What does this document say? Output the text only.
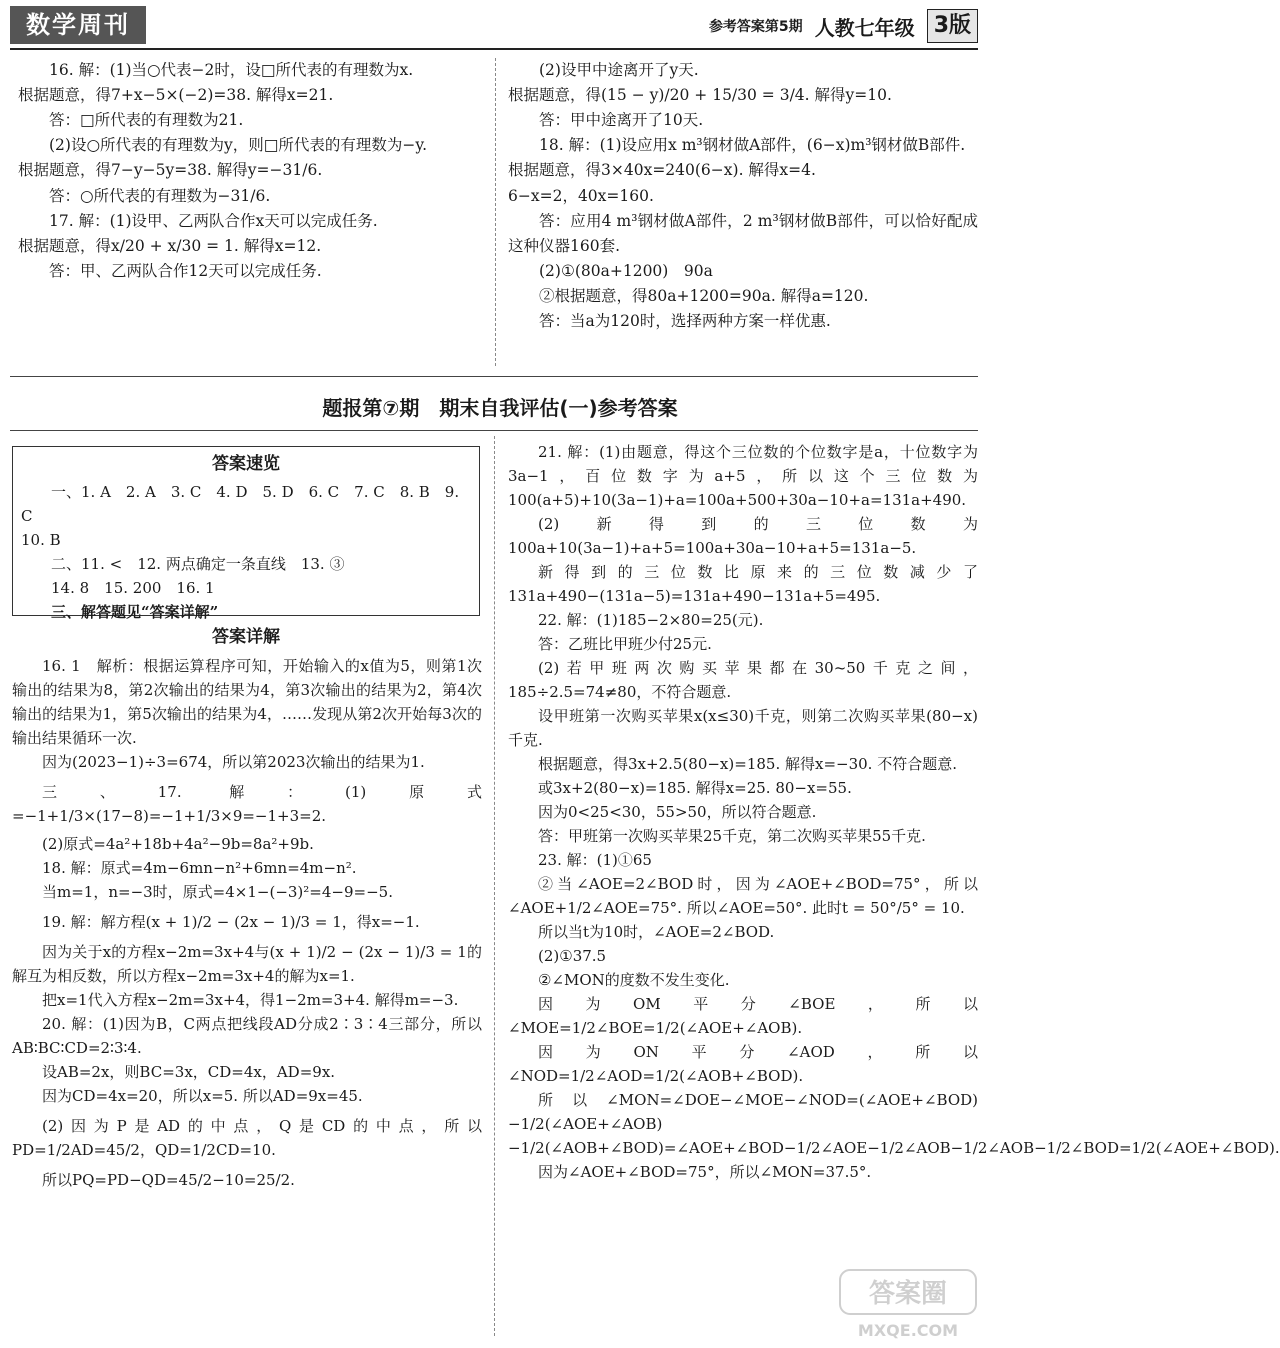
数学周刊	参考答案第5期 人教七年级 3版

16. 解：(1)当○代表−2时，设□所代表的有理数为x.

根据题意，得7+x−5×(−2)=38. 解得x=21.

答：□所代表的有理数为21.

(2)设○所代表的有理数为y，则□所代表的有理数为−y.

根据题意，得7−y−5y=38. 解得y=−31/6.

答：○所代表的有理数为−31/6.

17. 解：(1)设甲、乙两队合作x天可以完成任务.

根据题意，得x/20 + x/30 = 1. 解得x=12.

答：甲、乙两队合作12天可以完成任务.

(2)设甲中途离开了y天.

根据题意，得(15 − y)/20 + 15/30 = 3/4. 解得y=10.

答：甲中途离开了10天.

18. 解：(1)设应用x m³钢材做A部件，(6−x)m³钢材做B部件.

根据题意，得3×40x=240(6−x). 解得x=4.

6−x=2，40x=160.

答：应用4 m³钢材做A部件，2 m³钢材做B部件，可以恰好配成这种仪器160套.

(2)①(80a+1200)　90a

②根据题意，得80a+1200=90a. 解得a=120.

答：当a为120时，选择两种方案一样优惠.

题报第⑦期　期末自我评估(一)参考答案
答案速览
一、1. A　2. A　3. C　4. D　5. D　6. C　7. C　8. B　9. C
10. B
二、11. <　12. 两点确定一条直线　13. ③
14. 8　15. 200　16. 1
三、解答题见“答案详解”
答案详解

16. 1　解析：根据运算程序可知，开始输入的x值为5，则第1次输出的结果为8，第2次输出的结果为4，第3次输出的结果为2，第4次输出的结果为1，第5次输出的结果为4，……发现从第2次开始每3次的输出结果循环一次.

因为(2023−1)÷3=674，所以第2023次输出的结果为1.

三、17. 解：(1)原式=−1+1/3×(17−8)=−1+1/3×9=−1+3=2.

(2)原式=4a²+18b+4a²−9b=8a²+9b.

18. 解：原式=4m−6mn−n²+6mn=4m−n².

当m=1，n=−3时，原式=4×1−(−3)²=4−9=−5.

19. 解：解方程(x + 1)/2 − (2x − 1)/3 = 1，得x=−1.

因为关于x的方程x−2m=3x+4与(x + 1)/2 − (2x − 1)/3 = 1的解互为相反数，所以方程x−2m=3x+4的解为x=1.

把x=1代入方程x−2m=3x+4，得1−2m=3+4. 解得m=−3.

20. 解：(1)因为B，C两点把线段AD分成2∶3∶4三部分，所以AB∶BC∶CD=2∶3∶4.

设AB=2x，则BC=3x，CD=4x，AD=9x.

因为CD=4x=20，所以x=5. 所以AD=9x=45.

(2)因为P是AD的中点，Q是CD的中点，所以PD=1/2AD=45/2，QD=1/2CD=10.

所以PQ=PD−QD=45/2−10=25/2.

21. 解：(1)由题意，得这个三位数的个位数字是a，十位数字为3a−1，百位数字为a+5，所以这个三位数为100(a+5)+10(3a−1)+a=100a+500+30a−10+a=131a+490.

(2)新得到的三位数为100a+10(3a−1)+a+5=100a+30a−10+a+5=131a−5.

新得到的三位数比原来的三位数减少了131a+490−(131a−5)=131a+490−131a+5=495.

22. 解：(1)185−2×80=25(元).

答：乙班比甲班少付25元.

(2)若甲班两次购买苹果都在30~50千克之间，185÷2.5=74≠80，不符合题意.

设甲班第一次购买苹果x(x≤30)千克，则第二次购买苹果(80−x)千克.

根据题意，得3x+2.5(80−x)=185. 解得x=−30. 不符合题意.

或3x+2(80−x)=185. 解得x=25. 80−x=55.

因为0<25<30，55>50，所以符合题意.

答：甲班第一次购买苹果25千克，第二次购买苹果55千克.

23. 解：(1)①65

②当∠AOE=2∠BOD时，因为∠AOE+∠BOD=75°，所以∠AOE+1/2∠AOE=75°. 所以∠AOE=50°. 此时t = 50°/5° = 10.

所以当t为10时，∠AOE=2∠BOD.

(2)①37.5

②∠MON的度数不发生变化.

因为OM平分∠BOE，所以∠MOE=1/2∠BOE=1/2(∠AOE+∠AOB).

因为ON平分∠AOD，所以∠NOD=1/2∠AOD=1/2(∠AOB+∠BOD).

所以∠MON=∠DOE−∠MOE−∠NOD=(∠AOE+∠BOD)−1/2(∠AOE+∠AOB)−1/2(∠AOB+∠BOD)=∠AOE+∠BOD−1/2∠AOE−1/2∠AOB−1/2∠AOB−1/2∠BOD=1/2(∠AOE+∠BOD).

因为∠AOE+∠BOD=75°，所以∠MON=37.5°.

答案圈
MXQE.COM
